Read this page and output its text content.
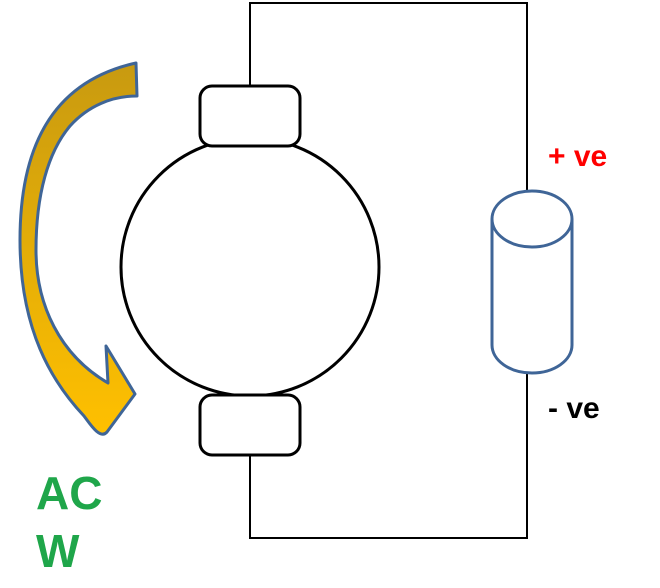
+ ve
- ve
AC
W
